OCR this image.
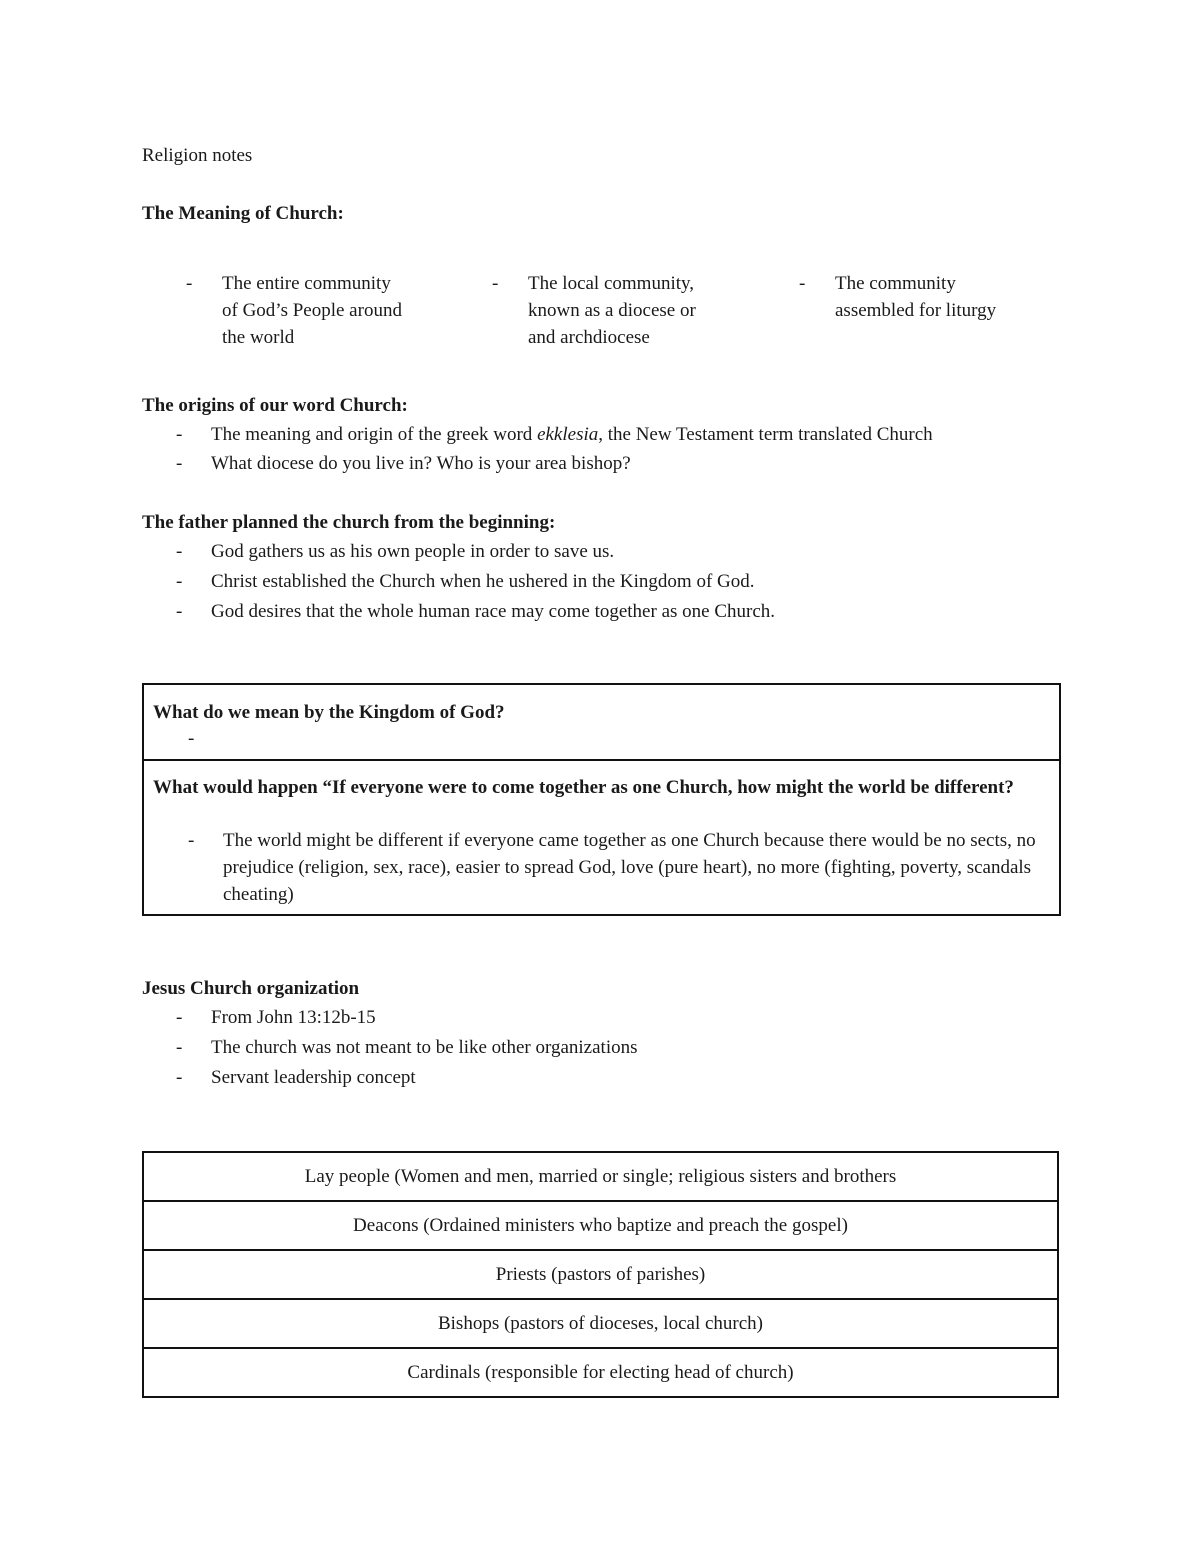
Religion notes
The Meaning of Church:
- The entire community
of God’s People around
the world
- The local community,
known as a diocese or
and archdiocese
- The community
assembled for liturgy
The origins of our word Church:
- The meaning and origin of the greek word ekklesia, the New Testament term translated Church
- What diocese do you live in? Who is your area bishop?
The father planned the church from the beginning:
- God gathers us as his own people in order to save us.
- Christ established the Church when he ushered in the Kingdom of God.
- God desires that the whole human race may come together as one Church.
What do we mean by the Kingdom of God?
-
What would happen “If everyone were to come together as one Church, how might the world be different?
- The world might be different if everyone came together as one Church because there would be no sects, no prejudice (religion, sex, race), easier to spread God, love (pure heart), no more (fighting, poverty, scandals cheating)
Jesus Church organization
- From John 13:12b-15
- The church was not meant to be like other organizations
- Servant leadership concept
Lay people (Women and men, married or single; religious sisters and brothers
Deacons (Ordained ministers who baptize and preach the gospel)
Priests (pastors of parishes)
Bishops (pastors of dioceses, local church)
Cardinals (responsible for electing head of church)
